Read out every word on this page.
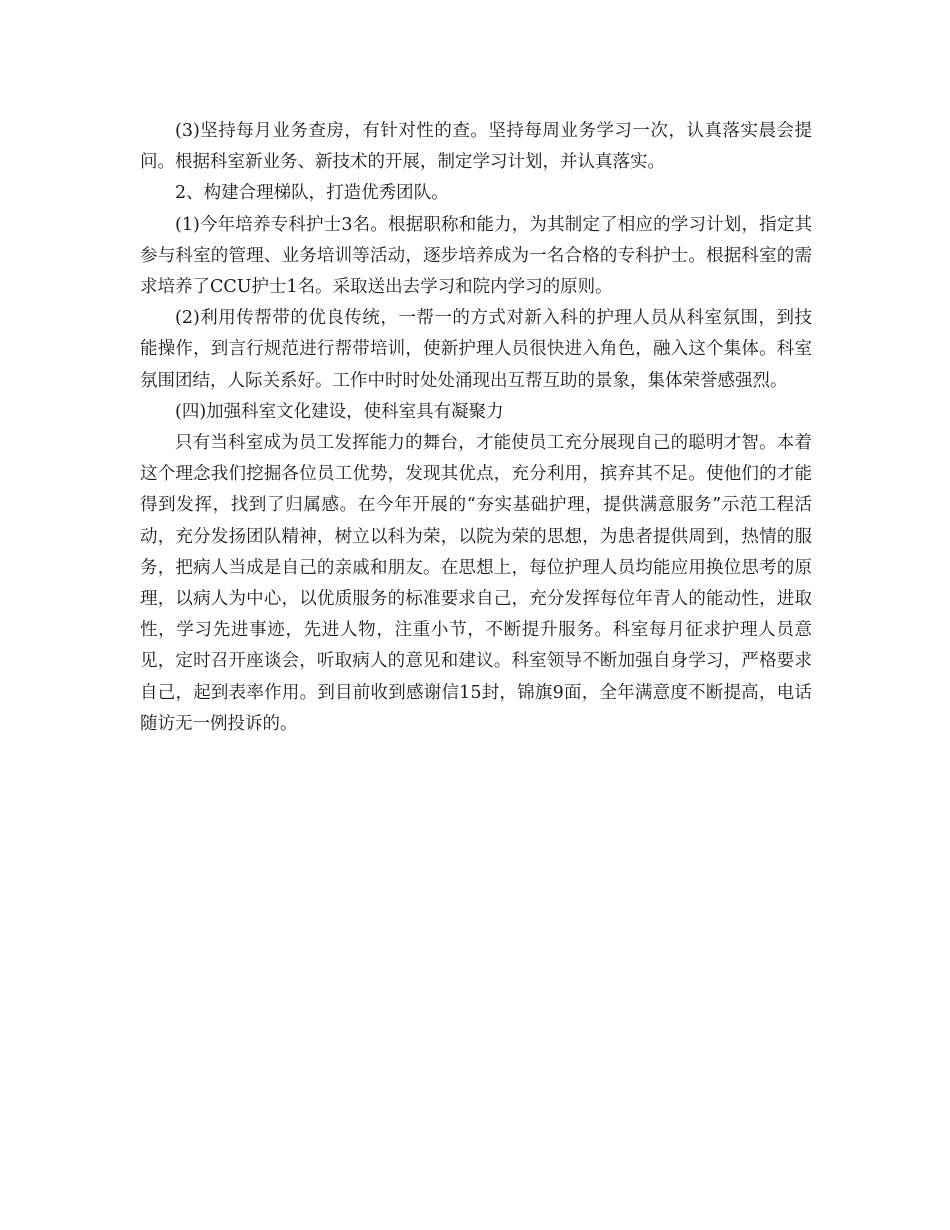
(3)坚持每月业务查房，有针对性的查。坚持每周业务学习一次，认真落实晨会提问。根据科室新业务、新技术的开展，制定学习计划，并认真落实。

2、构建合理梯队，打造优秀团队。

(1)今年培养专科护士3名。根据职称和能力，为其制定了相应的学习计划，指定其参与科室的管理、业务培训等活动，逐步培养成为一名合格的专科护士。根据科室的需求培养了CCU护士1名。采取送出去学习和院内学习的原则。

(2)利用传帮带的优良传统，一帮一的方式对新入科的护理人员从科室氛围，到技能操作，到言行规范进行帮带培训，使新护理人员很快进入角色，融入这个集体。科室氛围团结，人际关系好。工作中时时处处涌现出互帮互助的景象，集体荣誉感强烈。

(四)加强科室文化建设，使科室具有凝聚力

只有当科室成为员工发挥能力的舞台，才能使员工充分展现自己的聪明才智。本着这个理念我们挖掘各位员工优势，发现其优点，充分利用，摈弃其不足。使他们的才能得到发挥，找到了归属感。在今年开展的“夯实基础护理，提供满意服务”示范工程活动，充分发扬团队精神，树立以科为荣，以院为荣的思想，为患者提供周到，热情的服务，把病人当成是自己的亲戚和朋友。在思想上，每位护理人员均能应用换位思考的原理，以病人为中心，以优质服务的标准要求自己，充分发挥每位年青人的能动性，进取性，学习先进事迹，先进人物，注重小节，不断提升服务。科室每月征求护理人员意见，定时召开座谈会，听取病人的意见和建议。科室领导不断加强自身学习，严格要求自己，起到表率作用。到目前收到感谢信15封，锦旗9面，全年满意度不断提高，电话随访无一例投诉的。
